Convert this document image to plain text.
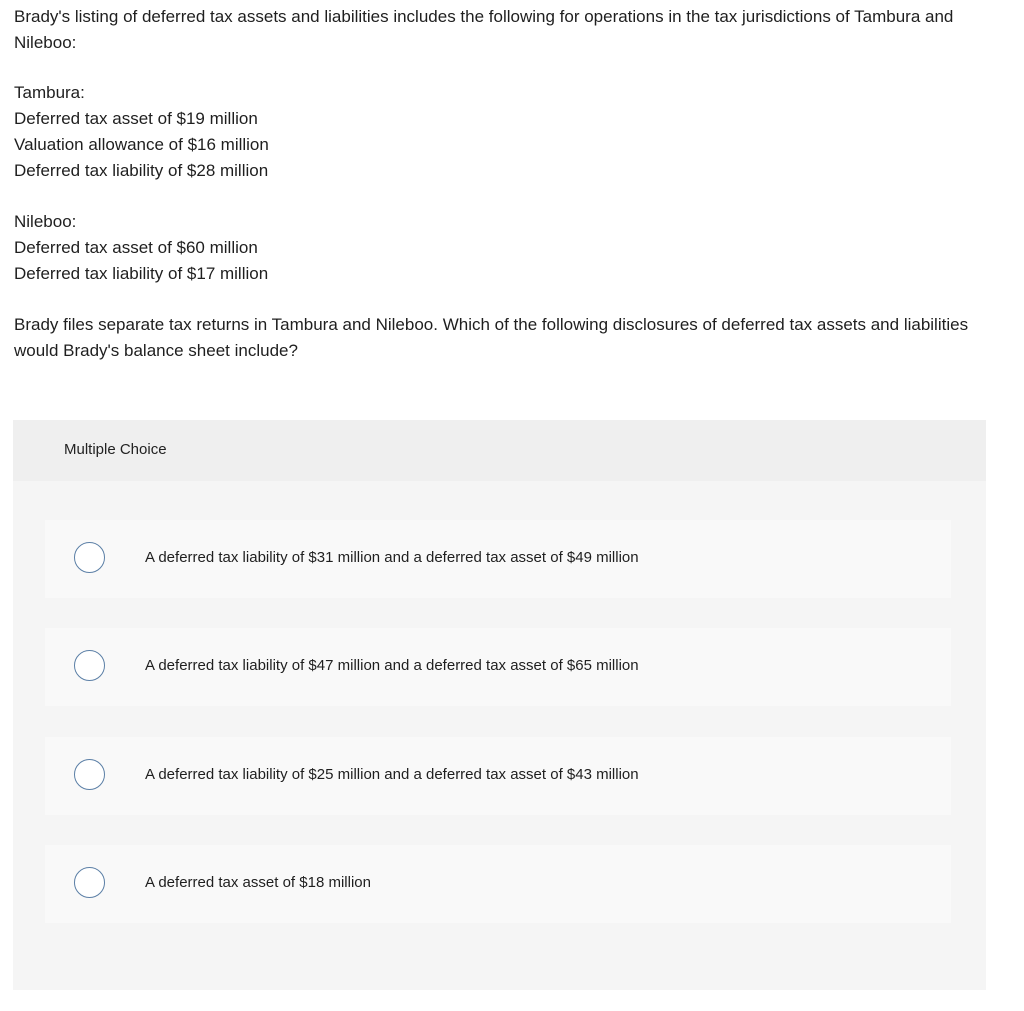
Brady's listing of deferred tax assets and liabilities includes the following for operations in the tax jurisdictions of Tambura and Nileboo:

Tambura:

Deferred tax asset of $19 million

Valuation allowance of $16 million

Deferred tax liability of $28 million

Nileboo:

Deferred tax asset of $60 million

Deferred tax liability of $17 million

Brady files separate tax returns in Tambura and Nileboo. Which of the following disclosures of deferred tax assets and liabilities would Brady's balance sheet include?

Multiple Choice
A deferred tax liability of $31 million and a deferred tax asset of $49 million
A deferred tax liability of $47 million and a deferred tax asset of $65 million
A deferred tax liability of $25 million and a deferred tax asset of $43 million
A deferred tax asset of $18 million
